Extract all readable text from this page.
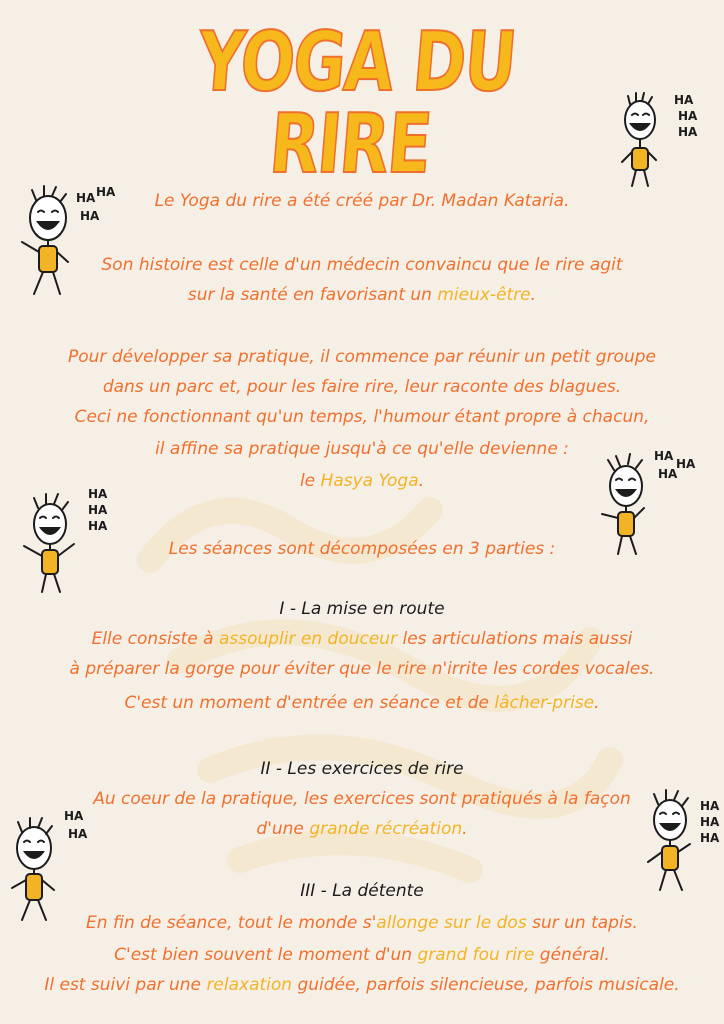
YOGA DU RIRE

Le Yoga du rire a été créé par Dr. Madan Kataria.

Son histoire est celle d'un médecin convaincu que le rire agit

sur la santé en favorisant un mieux-être.

Pour développer sa pratique, il commence par réunir un petit groupe

dans un parc et, pour les faire rire, leur raconte des blagues.

Ceci ne fonctionnant qu'un temps, l'humour étant propre à chacun,

il affine sa pratique jusqu'à ce qu'elle devienne :

le Hasya Yoga.

Les séances sont décomposées en 3 parties :

I - La mise en route

Elle consiste à assouplir en douceur les articulations mais aussi

à préparer la gorge pour éviter que le rire n'irrite les cordes vocales.

C'est un moment d'entrée en séance et de lâcher-prise.

II - Les exercices de rire

Au coeur de la pratique, les exercices sont pratiqués à la façon

d'une grande récréation.

III - La détente

En fin de séance, tout le monde s'allonge sur le dos sur un tapis.

C'est bien souvent le moment d'un grand fou rire général.

Il est suivi par une relaxation guidée, parfois silencieuse, parfois musicale.

HA
HA
HA
HA HA
HA
HA
HA
HA
HA
HA
HA
HA
HA
HA
HA
HA
